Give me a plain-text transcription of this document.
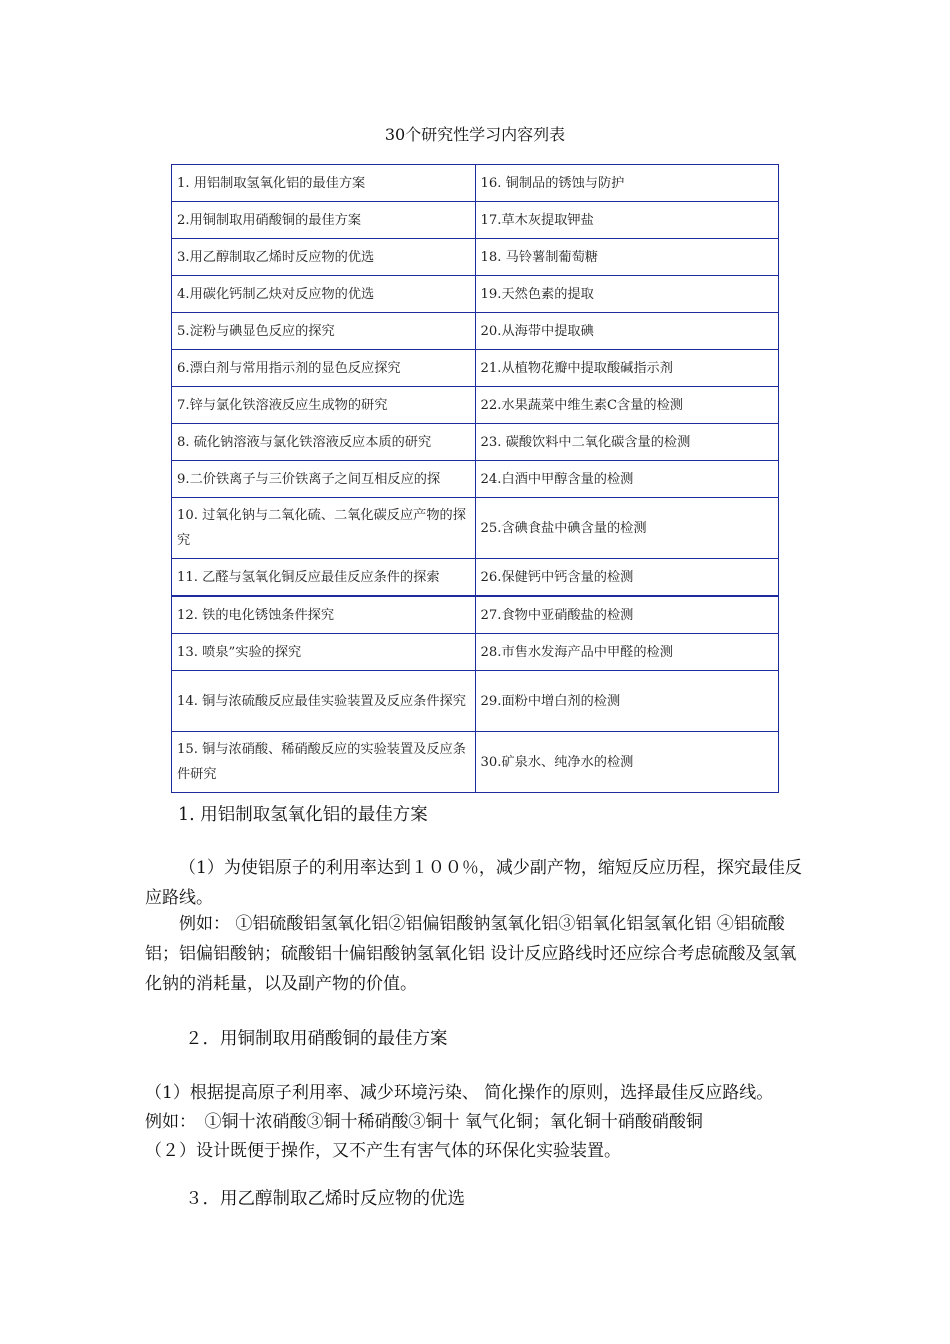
30个研究性学习内容列表
1. 用铝制取氢氧化铝的最佳方案	16. 铜制品的锈蚀与防护
2.用铜制取用硝酸铜的最佳方案	17.草木灰提取钾盐
3.用乙醇制取乙烯时反应物的优选	18. 马铃薯制葡萄糖
4.用碳化钙制乙炔对反应物的优选	19.天然色素的提取
5.淀粉与碘显色反应的探究	20.从海带中提取碘
6.漂白剂与常用指示剂的显色反应探究	21.从植物花瓣中提取酸碱指示剂
7.锌与氯化铁溶液反应生成物的研究	22.水果蔬菜中维生素C含量的检测
8. 硫化钠溶液与氯化铁溶液反应本质的研究	23. 碳酸饮料中二氧化碳含量的检测
9.二价铁离子与三价铁离子之间互相反应的探	24.白酒中甲醇含量的检测
10. 过氧化钠与二氧化硫、二氧化碳反应产物的探究	25.含碘食盐中碘含量的检测
11. 乙醛与氢氧化铜反应最佳反应条件的探索	26.保健钙中钙含量的检测
12. 铁的电化锈蚀条件探究	27.食物中亚硝酸盐的检测
13. 喷泉”实验的探究	28.市售水发海产品中甲醛的检测
14. 铜与浓硫酸反应最佳实验装置及反应条件探究	29.面粉中增白剂的检测
15. 铜与浓硝酸、稀硝酸反应的实验装置及反应条件研究	30.矿泉水、纯净水的检测
1. 用铝制取氢氧化铝的最佳方案
（1）为使铝原子的利用率达到１００％，减少副产物，缩短反应历程，探究最佳反应路线。
例如： ①铝硫酸铝氢氧化铝②铝偏铝酸钠氢氧化铝③铝氧化铝氢氧化铝 ④铝硫酸铝；铝偏铝酸钠；硫酸铝十偏铝酸钠氢氧化铝 设计反应路线时还应综合考虑硫酸及氢氧化钠的消耗量，以及副产物的价值。
２．用铜制取用硝酸铜的最佳方案
（1）根据提高原子利用率、减少环境污染、 简化操作的原则，选择最佳反应路线。
例如：　①铜十浓硝酸③铜十稀硝酸③铜十 氧气化铜；氧化铜十硝酸硝酸铜
（２）设计既便于操作，又不产生有害气体的环保化实验装置。
３．用乙醇制取乙烯时反应物的优选
